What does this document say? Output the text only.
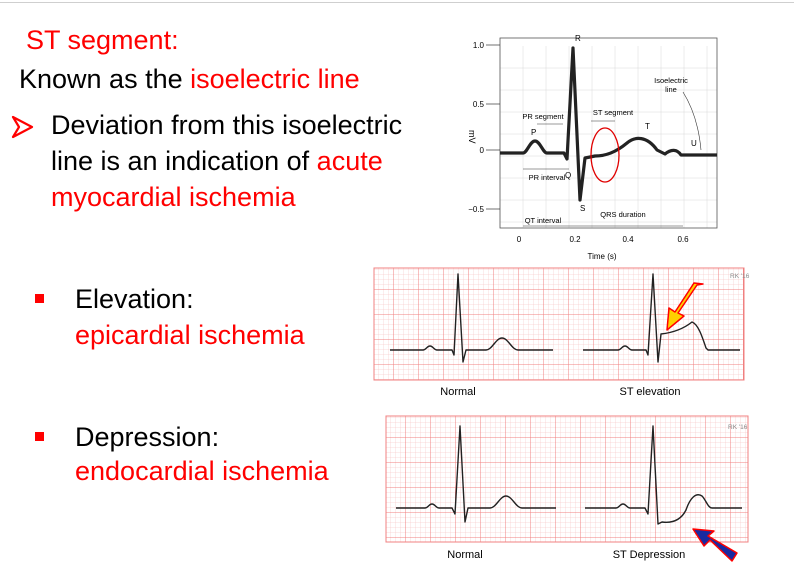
ST segment:
Known as the isoelectric line
Deviation from this isoelectric
line is an indication of acute
myocardial ischemia
Elevation:
epicardial ischemia
Depression:
endocardial ischemia
1.0
0.5
0
−0.5
mV
0	0.2	0.4	0.6
Time (s)
R
P
Q
S
T
U
PR segment	ST segment
Isoelectric
line
PR interval
QRS duration
QT interval
RK '16
Normal	ST elevation
RK '16
Normal	ST Depression
